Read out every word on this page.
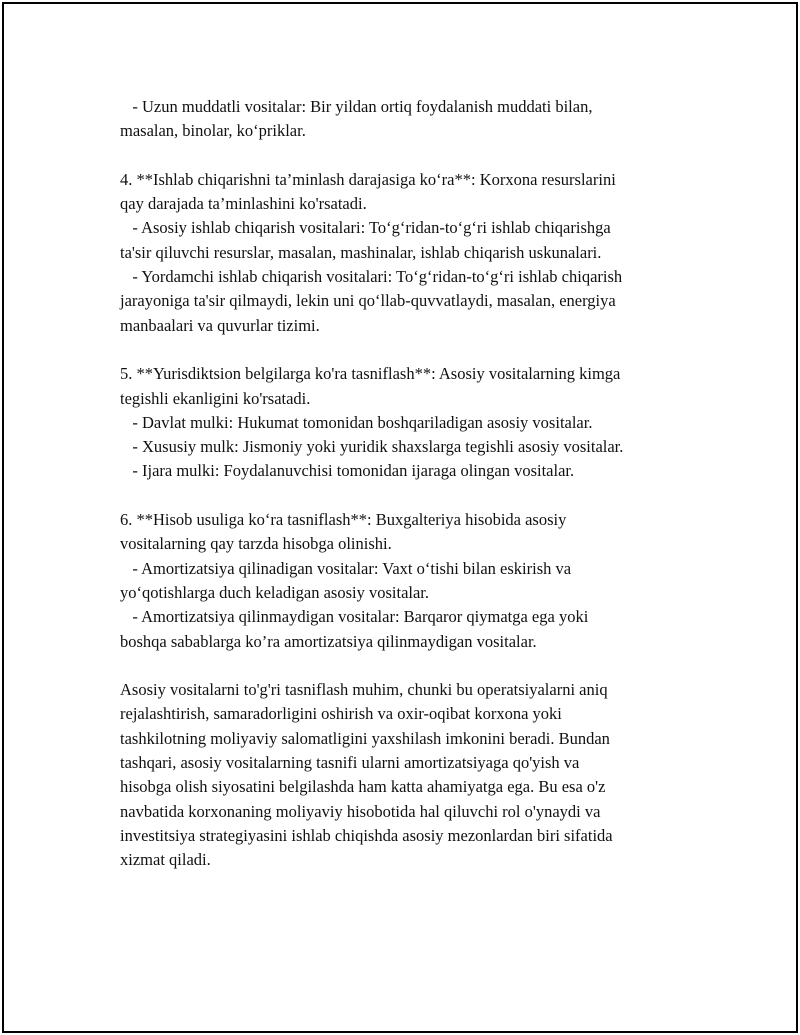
- Uzun muddatli vositalar: Bir yildan ortiq foydalanish muddati bilan,
masalan, binolar, ko‘priklar.
4. **Ishlab chiqarishni ta’minlash darajasiga ko‘ra**: Korxona resurslarini
qay darajada ta’minlashini ko'rsatadi.
- Asosiy ishlab chiqarish vositalari: To‘g‘ridan-to‘g‘ri ishlab chiqarishga
ta'sir qiluvchi resurslar, masalan, mashinalar, ishlab chiqarish uskunalari.
- Yordamchi ishlab chiqarish vositalari: To‘g‘ridan-to‘g‘ri ishlab chiqarish
jarayoniga ta'sir qilmaydi, lekin uni qo‘llab-quvvatlaydi, masalan, energiya
manbaalari va quvurlar tizimi.
5. **Yurisdiktsion belgilarga ko'ra tasniflash**: Asosiy vositalarning kimga
tegishli ekanligini ko'rsatadi.
- Davlat mulki: Hukumat tomonidan boshqariladigan asosiy vositalar.
- Xususiy mulk: Jismoniy yoki yuridik shaxslarga tegishli asosiy vositalar.
- Ijara mulki: Foydalanuvchisi tomonidan ijaraga olingan vositalar.
6. **Hisob usuliga ko‘ra tasniflash**: Buxgalteriya hisobida asosiy
vositalarning qay tarzda hisobga olinishi.
- Amortizatsiya qilinadigan vositalar: Vaxt o‘tishi bilan eskirish va
yo‘qotishlarga duch keladigan asosiy vositalar.
- Amortizatsiya qilinmaydigan vositalar: Barqaror qiymatga ega yoki
boshqa sabablarga ko’ra amortizatsiya qilinmaydigan vositalar.
Asosiy vositalarni to'g'ri tasniflash muhim, chunki bu operatsiyalarni aniq
rejalashtirish, samaradorligini oshirish va oxir-oqibat korxona yoki
tashkilotning moliyaviy salomatligini yaxshilash imkonini beradi. Bundan
tashqari, asosiy vositalarning tasnifi ularni amortizatsiyaga qo'yish va
hisobga olish siyosatini belgilashda ham katta ahamiyatga ega. Bu esa o'z
navbatida korxonaning moliyaviy hisobotida hal qiluvchi rol o'ynaydi va
investitsiya strategiyasini ishlab chiqishda asosiy mezonlardan biri sifatida
xizmat qiladi.
